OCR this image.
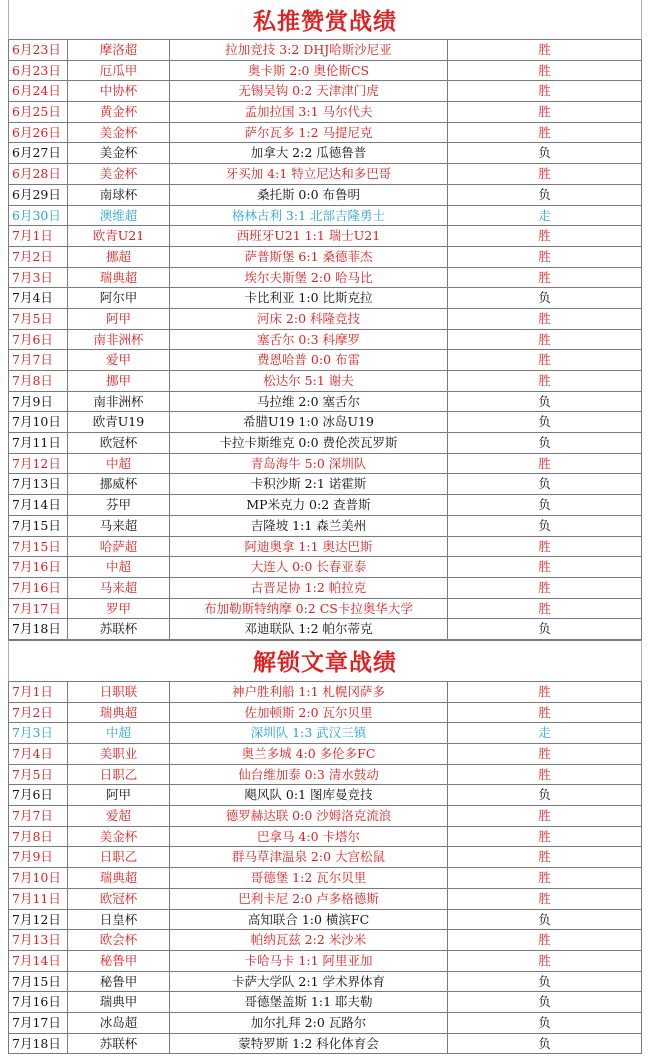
私推赞赏战绩
6月23日	摩洛超	拉加竞技 3:2 DHJ哈斯沙尼亚	胜
6月23日	厄瓜甲	奥卡斯 2:0 奥伦斯CS	胜
6月24日	中协杯	无锡吴钩 0:2 天津津门虎	胜
6月25日	黄金杯	孟加拉国 3:1 马尔代夫	胜
6月26日	美金杯	萨尔瓦多 1:2 马提尼克	胜
6月27日	美金杯	加拿大 2:2 瓜德鲁普	负
6月28日	美金杯	牙买加 4:1 特立尼达和多巴哥	胜
6月29日	南球杯	桑托斯 0:0 布鲁明	负
6月30日	澳维超	格林古利 3:1 北部吉隆勇士	走
7月1日	欧青U21	西班牙U21 1:1 瑞士U21	胜
7月2日	挪超	萨普斯堡 6:1 桑德菲杰	胜
7月3日	瑞典超	埃尔夫斯堡 2:0 哈马比	胜
7月4日	阿尔甲	卡比利亚 1:0 比斯克拉	负
7月5日	阿甲	河床 2:0 科隆竞技	胜
7月6日	南非洲杯	塞舌尔 0:3 科摩罗	胜
7月7日	爱甲	费恩哈普 0:0 布雷	胜
7月8日	挪甲	松达尔 5:1 谢夫	胜
7月9日	南非洲杯	马拉维 2:0 塞舌尔	负
7月10日	欧青U19	希腊U19 1:0 冰岛U19	负
7月11日	欧冠杯	卡拉卡斯维克 0:0 费伦茨瓦罗斯	负
7月12日	中超	青岛海牛 5:0 深圳队	胜
7月13日	挪威杯	卡积沙斯 2:1 诺霍斯	负
7月14日	芬甲	MP米克力 0:2 查普斯	负
7月15日	马来超	吉隆坡 1:1 森兰美州	负
7月15日	哈萨超	阿迪奥拿 1:1 奥达巴斯	胜
7月16日	中超	大连人 0:0 长春亚泰	胜
7月16日	马来超	古晋足协 1:2 帕拉克	胜
7月17日	罗甲	布加勒斯特纳摩 0:2 CS卡拉奥华大学	胜
7月18日	苏联杯	邓迪联队 1:2 帕尔蒂克	负
解锁文章战绩
7月1日	日职联	神户胜利船 1:1 札幌冈萨多	胜
7月2日	瑞典超	佐加顿斯 2:0 瓦尔贝里	胜
7月3日	中超	深圳队 1:3 武汉三镇	走
7月4日	美职业	奥兰多城 4:0 多伦多FC	胜
7月5日	日职乙	仙台维加泰 0:3 清水鼓动	胜
7月6日	阿甲	飓风队 0:1 图库曼竞技	负
7月7日	爱超	德罗赫达联 0:0 沙姆洛克流浪	胜
7月8日	美金杯	巴拿马 4:0 卡塔尔	胜
7月9日	日职乙	群马草津温泉 2:0 大宫松鼠	胜
7月10日	瑞典超	哥德堡 1:2 瓦尔贝里	胜
7月11日	欧冠杯	巴利卡尼 2:0 卢多格德斯	胜
7月12日	日皇杯	高知联合 1:0 横滨FC	负
7月13日	欧会杯	帕纳瓦兹 2:2 米沙米	胜
7月14日	秘鲁甲	卡哈马卡 1:1 阿里亚加	胜
7月15日	秘鲁甲	卡萨大学队 2:1 学术界体育	负
7月16日	瑞典甲	哥德堡盖斯 1:1 耶夫勒	负
7月17日	冰岛超	加尔扎拜 2:0 瓦路尔	负
7月18日	苏联杯	蒙特罗斯 1:2 科化体育会	负
